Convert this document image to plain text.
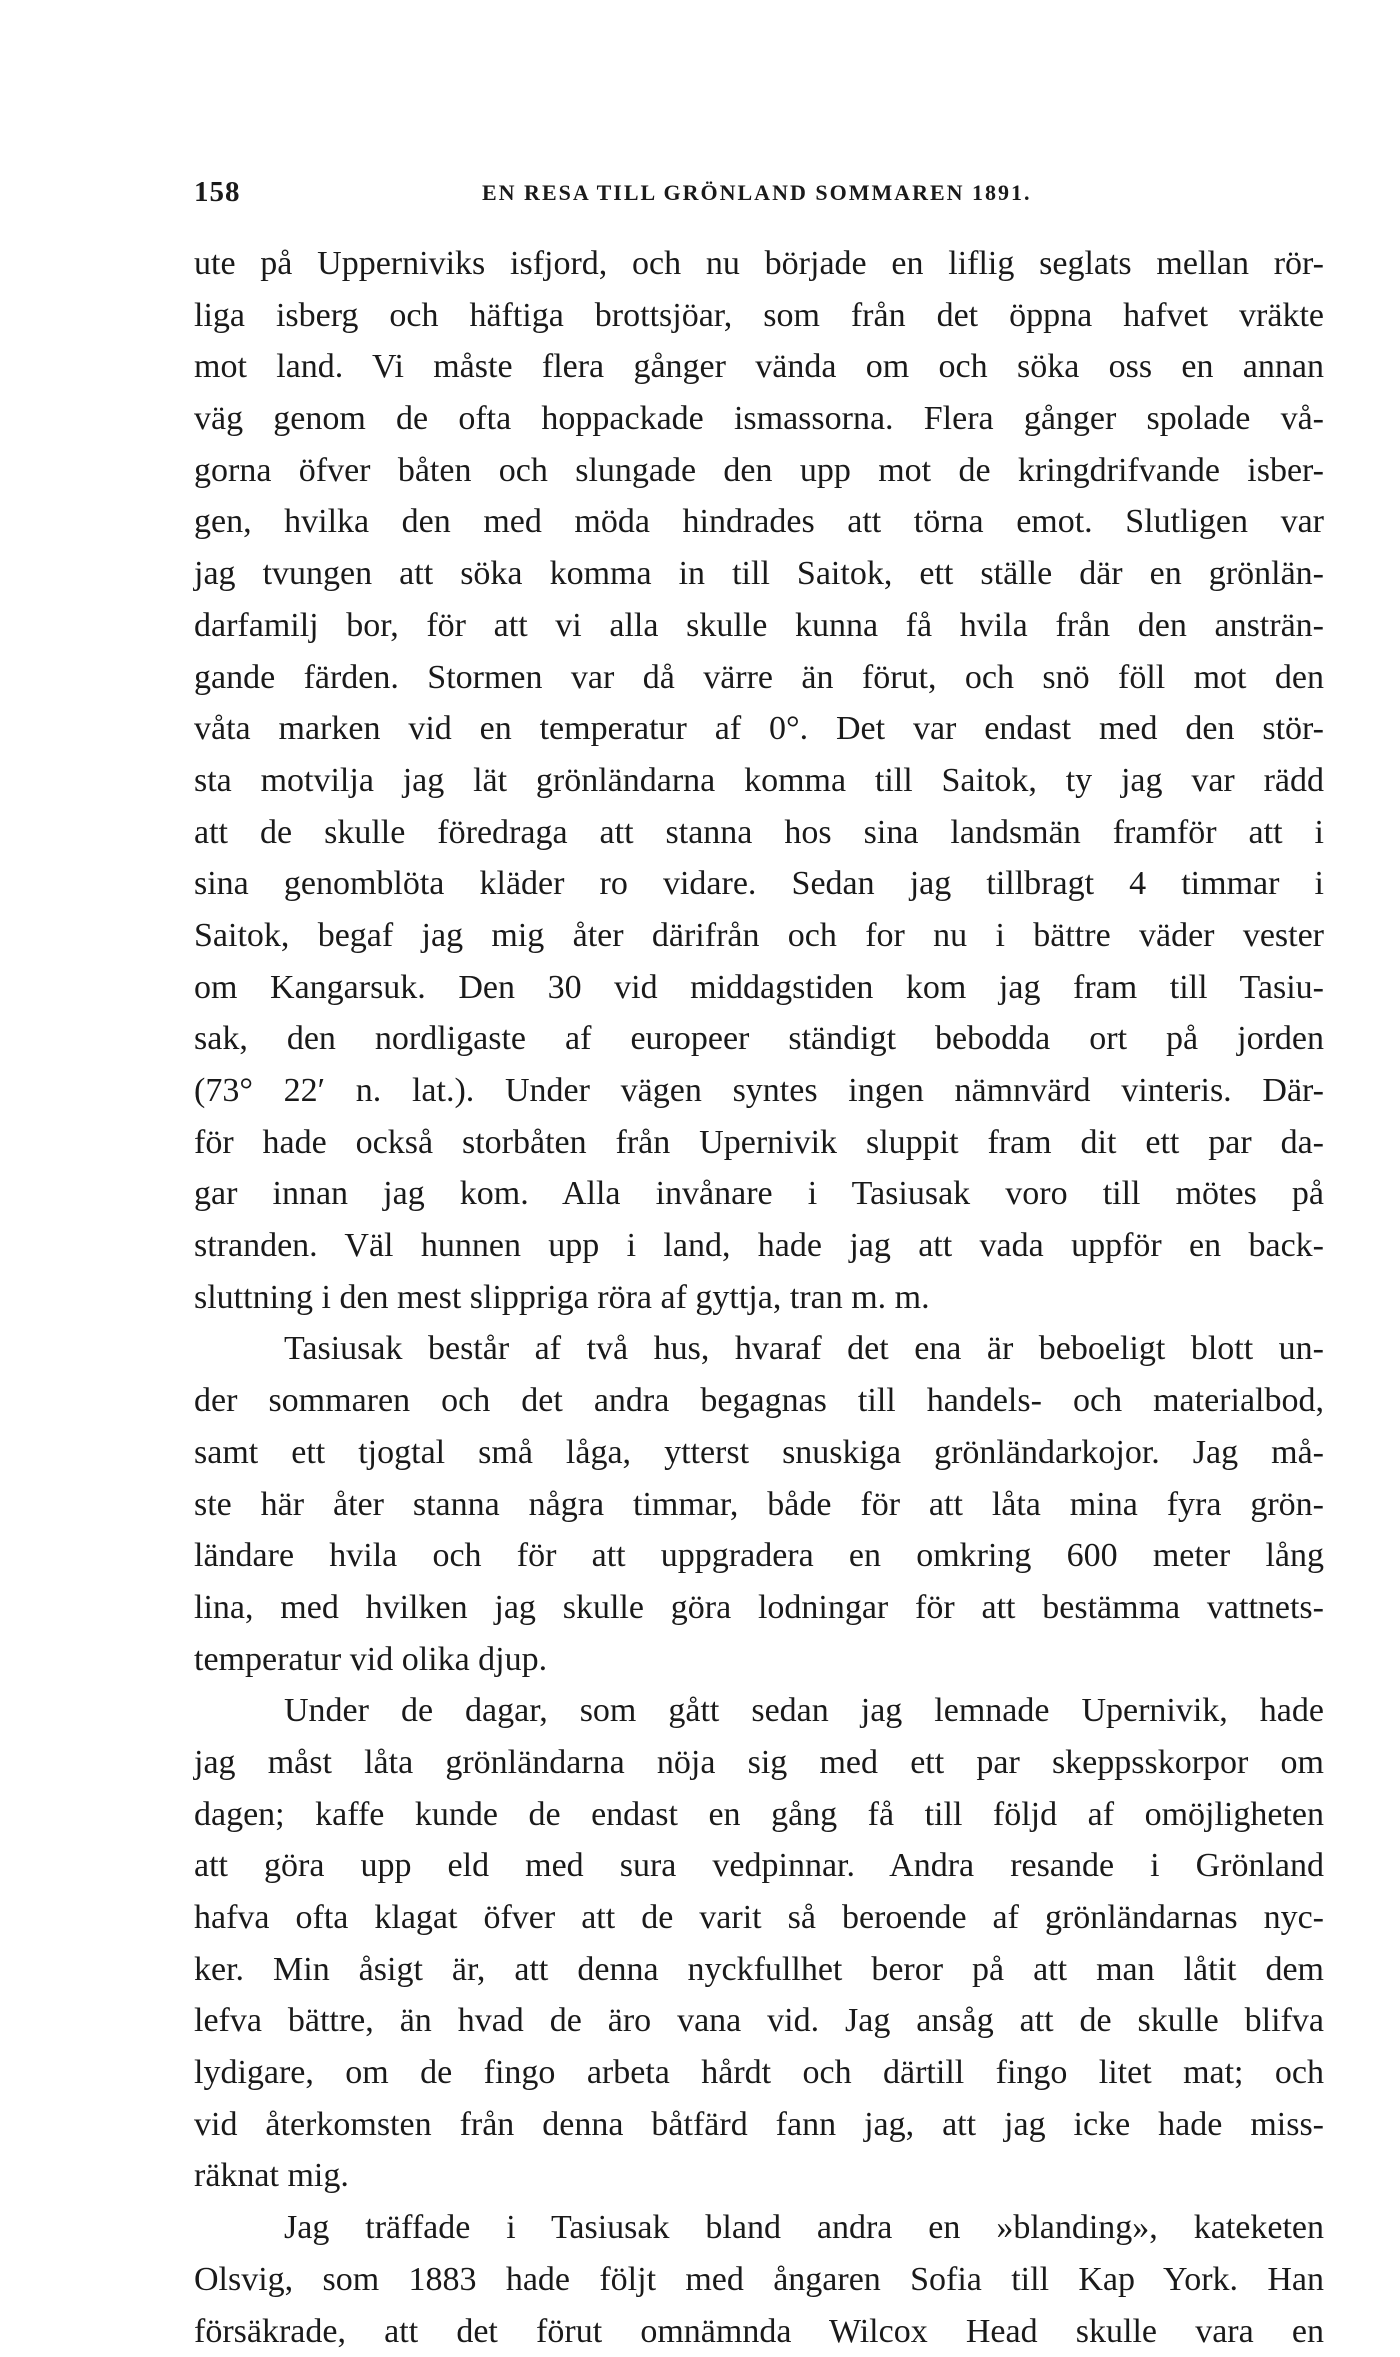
158	EN RESA TILL GRÖNLAND SOMMAREN 1891.
ute på Upperniviks isfjord, och nu började en liflig seglats mellan rör-
liga isberg och häftiga brottsjöar, som från det öppna hafvet vräkte
mot land. Vi måste flera gånger vända om och söka oss en annan
väg genom de ofta hoppackade ismassorna. Flera gånger spolade vå-
gorna öfver båten och slungade den upp mot de kringdrifvande isber-
gen, hvilka den med möda hindrades att törna emot. Slutligen var
jag tvungen att söka komma in till Saitok, ett ställe där en grönlän-
darfamilj bor, för att vi alla skulle kunna få hvila från den ansträn-
gande färden. Stormen var då värre än förut, och snö föll mot den
våta marken vid en temperatur af 0°. Det var endast med den stör-
sta motvilja jag lät grönländarna komma till Saitok, ty jag var rädd
att de skulle föredraga att stanna hos sina landsmän framför att i
sina genomblöta kläder ro vidare. Sedan jag tillbragt 4 timmar i
Saitok, begaf jag mig åter därifrån och for nu i bättre väder vester
om Kangarsuk. Den 30 vid middagstiden kom jag fram till Tasiu-
sak, den nordligaste af europeer ständigt bebodda ort på jorden
(73° 22′ n. lat.). Under vägen syntes ingen nämnvärd vinteris. Där-
för hade också storbåten från Upernivik sluppit fram dit ett par da-
gar innan jag kom. Alla invånare i Tasiusak voro till mötes på
stranden. Väl hunnen upp i land, hade jag att vada uppför en back-
sluttning i den mest slippriga röra af gyttja, tran m. m.
Tasiusak består af två hus, hvaraf det ena är beboeligt blott un-
der sommaren och det andra begagnas till handels- och materialbod,
samt ett tjogtal små låga, ytterst snuskiga grönländarkojor. Jag må-
ste här åter stanna några timmar, både för att låta mina fyra grön-
ländare hvila och för att uppgradera en omkring 600 meter lång
lina, med hvilken jag skulle göra lodningar för att bestämma vattnets-
temperatur vid olika djup.
Under de dagar, som gått sedan jag lemnade Upernivik, hade
jag måst låta grönländarna nöja sig med ett par skeppsskorpor om
dagen; kaffe kunde de endast en gång få till följd af omöjligheten
att göra upp eld med sura vedpinnar. Andra resande i Grönland
hafva ofta klagat öfver att de varit så beroende af grönländarnas nyc-
ker. Min åsigt är, att denna nyckfullhet beror på att man låtit dem
lefva bättre, än hvad de äro vana vid. Jag ansåg att de skulle blifva
lydigare, om de fingo arbeta hårdt och därtill fingo litet mat; och
vid återkomsten från denna båtfärd fann jag, att jag icke hade miss-
räknat mig.
Jag träffade i Tasiusak bland andra en »blanding», kateketen
Olsvig, som 1883 hade följt med ångaren Sofia till Kap York. Han
försäkrade, att det förut omnämnda Wilcox Head skulle vara en
